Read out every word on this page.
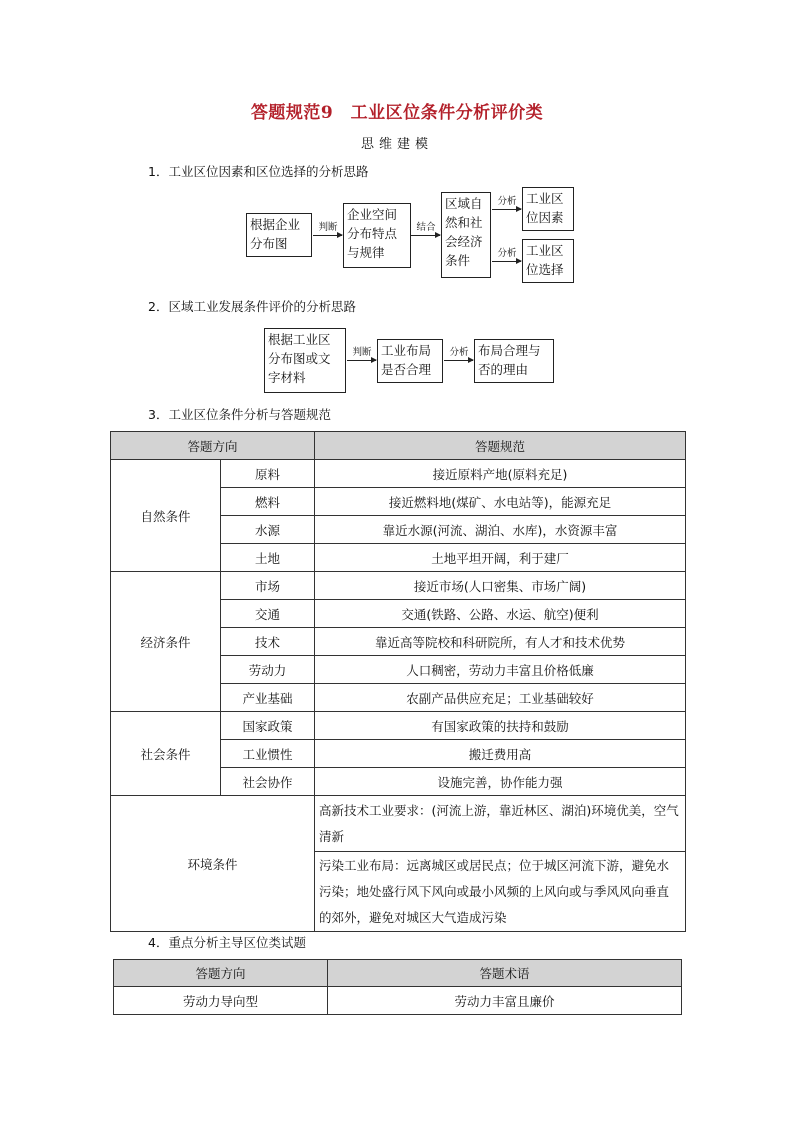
答题规范9　工业区位条件分析评价类
思维建模
1．工业区位因素和区位选择的分析思路
根据企业分布图
判断
企业空间分布特点与规律
结合
区域自然和社会经济条件
分析
分析
工业区位因素
工业区位选择
2．区域工业发展条件评价的分析思路
根据工业区分布图或文字材料
判断 工业布局是否合理
分析 布局合理与否的理由
3．工业区位条件分析与答题规范
答题方向		答题规范
自然条件	原料	接近原料产地(原料充足)
	燃料	接近燃料地(煤矿、水电站等)，能源充足
	水源	靠近水源(河流、湖泊、水库)，水资源丰富
	土地	土地平坦开阔，利于建厂
经济条件	市场	接近市场(人口密集、市场广阔)
	交通	交通(铁路、公路、水运、航空)便利
	技术	靠近高等院校和科研院所，有人才和技术优势
	劳动力	人口稠密，劳动力丰富且价格低廉
	产业基础	农副产品供应充足；工业基础较好
社会条件	国家政策	有国家政策的扶持和鼓励
	工业惯性	搬迁费用高
	社会协作	设施完善，协作能力强
环境条件		高新技术工业要求：(河流上游，靠近林区、湖泊)环境优美，空气清新
		污染工业布局：远离城区或居民点；位于城区河流下游，避免水污染；地处盛行风下风向或最小风频的上风向或与季风风向垂直的郊外，避免对城区大气造成污染
4．重点分析主导区位类试题
答题方向	答题术语
劳动力导向型	劳动力丰富且廉价
